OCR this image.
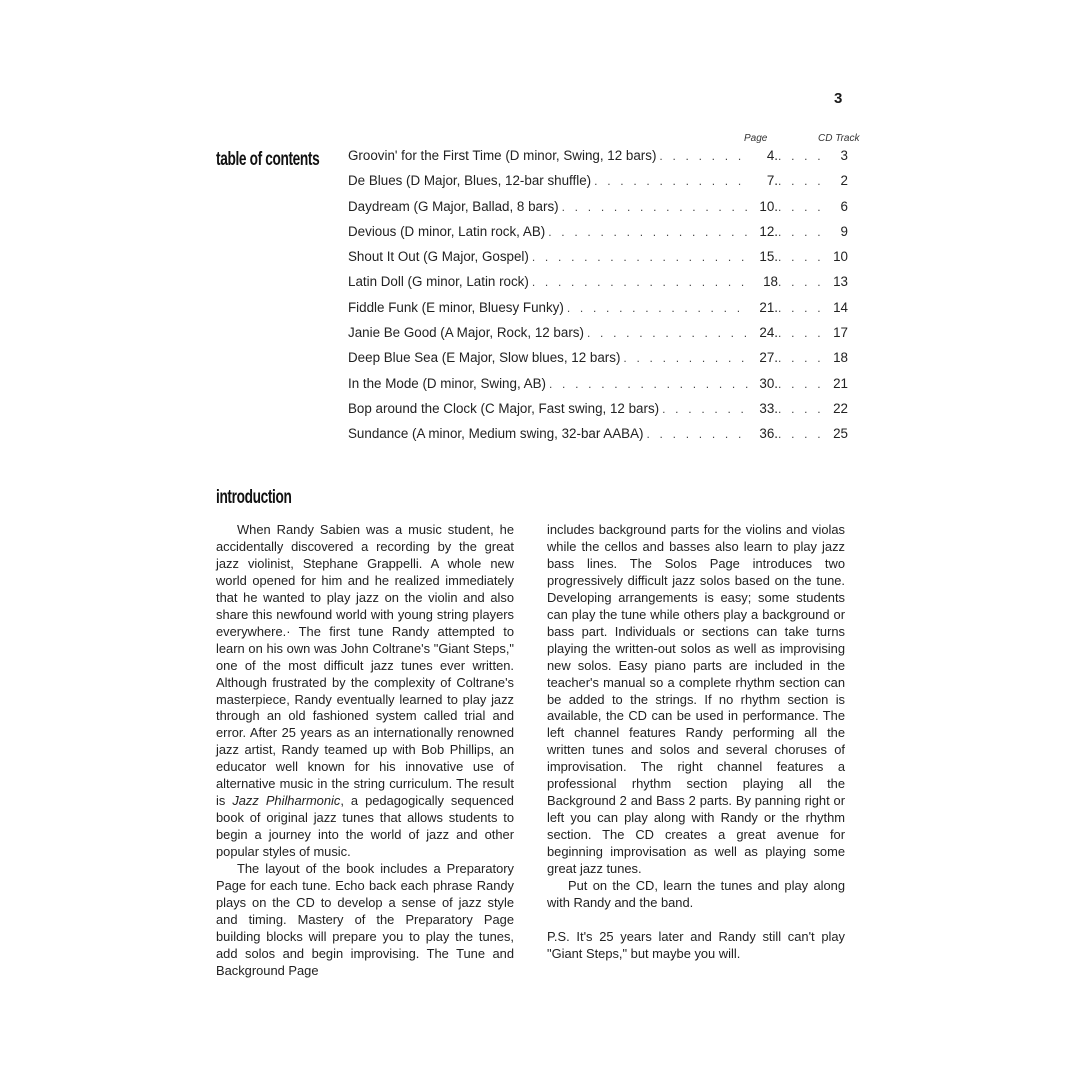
3
Page	CD Track
table of contents Groovin' for the First Time (D minor, Swing, 12 bars) . . .	4. . . .	3
De Blues (D Major, Blues, 12-bar shuffle) . . .	7. . . .	2
Daydream (G Major, Ballad, 8 bars) . . .	10. . . .	6
Devious (D minor, Latin rock, AB) . . .	12. . . .	9
Shout It Out (G Major, Gospel) . . .	15. . . .	10
Latin Doll (G minor, Latin rock) . . .	18 . . .	13
Fiddle Funk (E minor, Bluesy Funky) . . .	21. . . .	14
Janie Be Good (A Major, Rock, 12 bars) . . .	24. . . .	17
Deep Blue Sea (E Major, Slow blues, 12 bars) . . .	27. . . .	18
In the Mode (D minor, Swing, AB) . . .	30. . . .	21
Bop around the Clock (C Major, Fast swing, 12 bars) . . .	33. . . .	22
Sundance (A minor, Medium swing, 32-bar AABA) . . .	36. . . .	25
introduction

When Randy Sabien was a music student, he accidentally discovered a recording by the great jazz violinist, Stephane Grappelli. A whole new world opened for him and he realized immediately that he wanted to play jazz on the violin and also share this newfound world with young string players everywhere.· The first tune Randy attempted to learn on his own was John Coltrane's "Giant Steps," one of the most difficult jazz tunes ever written. Although frustrated by the complexity of Coltrane's masterpiece, Randy eventually learned to play jazz through an old fashioned system called trial and error. After 25 years as an internationally renowned jazz artist, Randy teamed up with Bob Phillips, an educator well known for his innovative use of alternative music in the string curriculum. The result is Jazz Philharmonic, a pedagogically sequenced book of original jazz tunes that allows students to begin a journey into the world of jazz and other popular styles of music.

The layout of the book includes a Preparatory Page for each tune. Echo back each phrase Randy plays on the CD to develop a sense of jazz style and timing. Mastery of the Preparatory Page building blocks will prepare you to play the tunes, add solos and begin improvising. The Tune and Background Page

includes background parts for the violins and violas while the cellos and basses also learn to play jazz bass lines. The Solos Page introduces two progressively difficult jazz solos based on the tune. Developing arrangements is easy; some students can play the tune while others play a background or bass part. Individuals or sections can take turns playing the written-out solos as well as improvising new solos. Easy piano parts are included in the teacher's manual so a complete rhythm section can be added to the strings. If no rhythm section is available, the CD can be used in performance. The left channel features Randy performing all the written tunes and solos and several choruses of improvisation. The right channel features a professional rhythm section playing all the Background 2 and Bass 2 parts. By panning right or left you can play along with Randy or the rhythm section. The CD creates a great avenue for beginning improvisation as well as playing some great jazz tunes.

Put on the CD, learn the tunes and play along with Randy and the band.

P.S. It's 25 years later and Randy still can't play "Giant Steps," but maybe you will.
